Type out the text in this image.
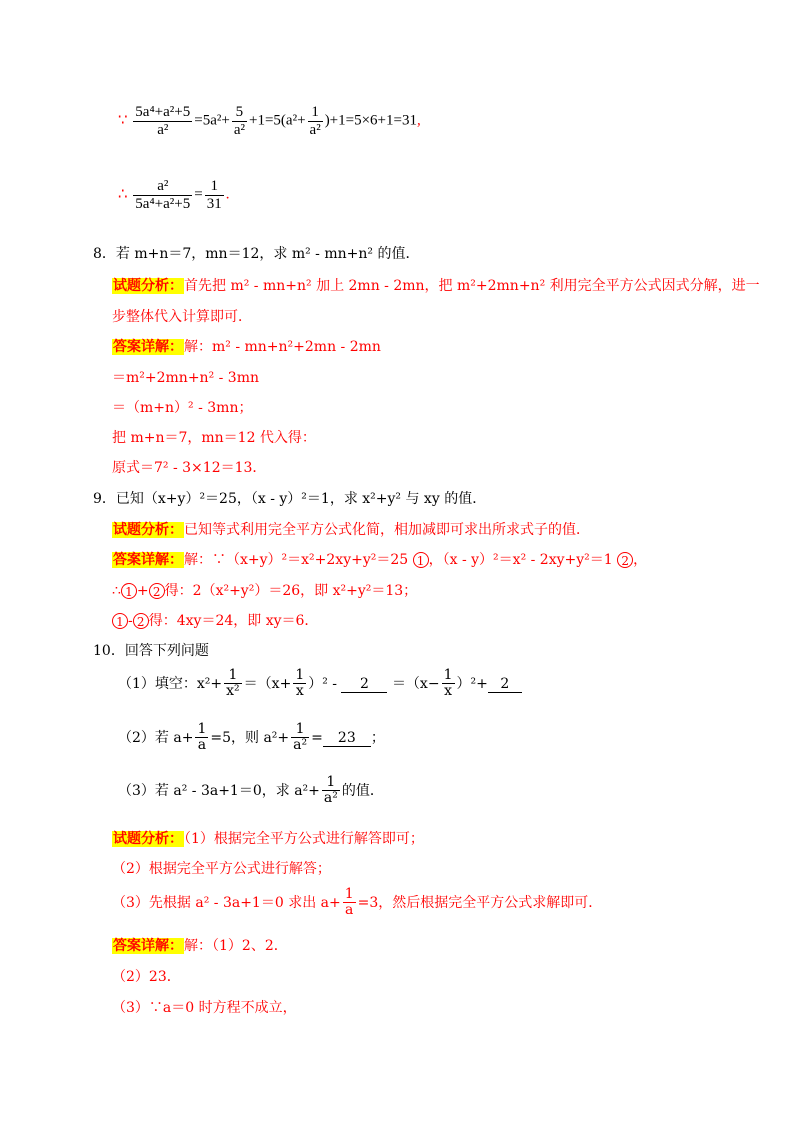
∵ $\frac{\text{5a⁴+a²+5}}{\text{a²}} =5a^2+ \frac{5}{\text{a²}} +1=5(a^2+ \frac{1}{\text{a²}} )+1=5\times 6+1=31$,
∴ $\frac{\text{a²}}{\text{5a⁴+a²+5}} = \frac{1}{31}$ .
8．若 m+n＝7，mn＝12，求 m² - mn+n² 的值．
试题分析：首先把 m² - mn+n² 加上 2mn - 2mn，把 m²+2mn+n² 利用完全平方公式因式分解，进一
步整体代入计算即可．
答案详解：解：m² - mn+n²+2mn - 2mn
＝m²+2mn+n² - 3mn
＝（m+n）² - 3mn；
把 m+n＝7，mn＝12 代入得：
原式＝7² - 3×12＝13．
9．已知（x+y）²＝25，（x - y）²＝1，求 x²+y² 与 xy 的值．
试题分析：已知等式利用完全平方公式化简，相加减即可求出所求式子的值．
答案详解：解：∵（x+y）²＝x²+2xy+y²＝25 1 ，（x - y）²＝x² - 2xy+y²＝1 2 ，
∴ 1 + 2 得：2（x²+y²）＝26，即 x²+y²＝13；
1 - 2 得：4xy＝24，即 xy＝6．
10．回答下列问题
（1）填空：$x^2+ \frac{1}{\text{x²}} =(x+ \frac{1}{x} )^2 - 2 =(x- \frac{1}{x} )^2+ 2$
（2）若 $a+ \frac{1}{a} =5$，则 $a^2+ \frac{1}{\text{a²}} = 23$ ；
（3）若 a² - 3a+1＝0，求 $a^2+ \frac{1}{\text{a²}}$ 的值．
试题分析：（1）根据完全平方公式进行解答即可；
（2）根据完全平方公式进行解答；
（3）先根据 a² - 3a+1＝0 求出 $a+ \frac{1}{a} =3$，然后根据完全平方公式求解即可．
答案详解：解：（1）2、2．
（2）23．
（3）∵a＝0 时方程不成立，
